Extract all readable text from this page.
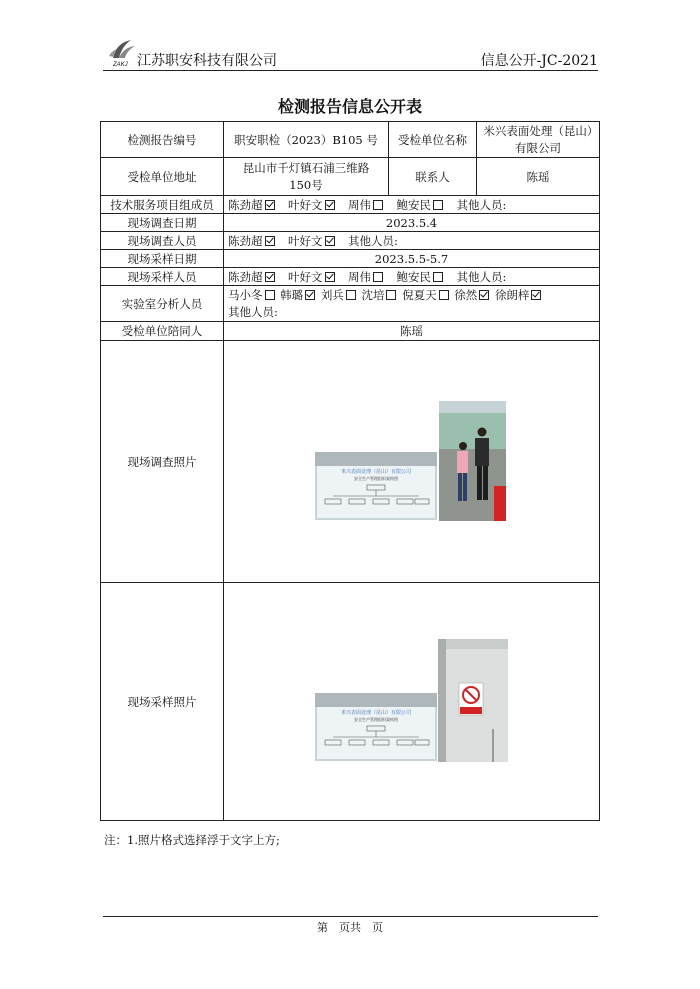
ZAKJ 江苏职安科技有限公司	信息公开-JC-2021
检测报告信息公开表
检测报告编号	职安职检（2023）B105 号	受检单位名称	米兴表面处理（昆山）有限公司
受检单位地址	昆山市千灯镇石浦三维路150号	联系人	陈瑶
技术服务项目组成员	陈劲超　 叶好文　 周伟　 鲍安民　 其他人员:		
现场调查日期	2023.5.4		
现场调查人员	陈劲超　 叶好文　 其他人员:		
现场采样日期	2023.5.5-5.7		
现场采样人员	陈劲超　 叶好文　 周伟　 鲍安民　 其他人员:		
实验室分析人员	马小冬 韩璐 刘兵 沈培 倪夏天 徐然 徐朗梓
其他人员:		
受检单位陪同人	陈瑶		
现场调查照片	米兴表面处理（昆山）有限公司
安全生产管理组织架构图		

现场采样照片	米兴表面处理（昆山）有限公司
安全生产管理组织架构图		
注：1.照片格式选择浮于文字上方;
第　页共　页
